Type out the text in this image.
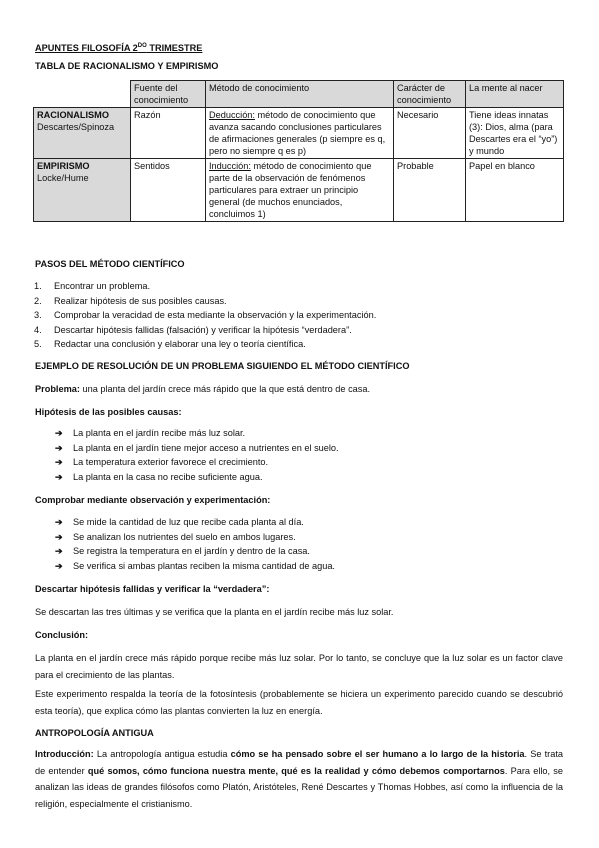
APUNTES FILOSOFÍA $2^{DO}$ TRIMESTRE
TABLA DE RACIONALISMO Y EMPIRISMO
	Fuente del conocimiento	Método de conocimiento	Carácter de conocimiento	La mente al nacer

RACIONALISMO
Descartes/Spinoza	Razón	Deducción: método de conocimiento que avanza sacando conclusiones particulares de afirmaciones generales (p siempre es q, pero no siempre q es p)	Necesario	Tiene ideas innatas (3): Dios, alma (para Descartes era el “yo”) y mundo

EMPIRISMO
Locke/Hume	Sentidos	Inducción: método de conocimiento que parte de la observación de fenómenos particulares para extraer un principio general (de muchos enunciados, concluimos 1)	Probable	Papel en blanco
PASOS DEL MÉTODO CIENTÍFICO
1. Encontrar un problema.
2. Realizar hipótesis de sus posibles causas.
3. Comprobar la veracidad de esta mediante la observación y la experimentación.
4. Descartar hipótesis fallidas (falsación) y verificar la hipótesis “verdadera”.
5. Redactar una conclusión y elaborar una ley o teoría científica.
EJEMPLO DE RESOLUCIÓN DE UN PROBLEMA SIGUIENDO EL MÉTODO CIENTÍFICO
Problema: una planta del jardín crece más rápido que la que está dentro de casa.
Hipótesis de las posibles causas:
➔ La planta en el jardín recibe más luz solar.
➔ La planta en el jardín tiene mejor acceso a nutrientes en el suelo.
➔ La temperatura exterior favorece el crecimiento.
➔ La planta en la casa no recibe suficiente agua.
Comprobar mediante observación y experimentación:
➔ Se mide la cantidad de luz que recibe cada planta al día.
➔ Se analizan los nutrientes del suelo en ambos lugares.
➔ Se registra la temperatura en el jardín y dentro de la casa.
➔ Se verifica si ambas plantas reciben la misma cantidad de agua.
Descartar hipótesis fallidas y verificar la “verdadera”:
Se descartan las tres últimas y se verifica que la planta en el jardín recibe más luz solar.
Conclusión:
La planta en el jardín crece más rápido porque recibe más luz solar. Por lo tanto, se concluye que la luz solar es un factor clave para el crecimiento de las plantas.
Este experimento respalda la teoría de la fotosíntesis (probablemente se hiciera un experimento parecido cuando se descubrió esta teoría), que explica cómo las plantas convierten la luz en energía.
ANTROPOLOGÍA ANTIGUA
Introducción: La antropología antigua estudia cómo se ha pensado sobre el ser humano a lo largo de la historia. Se trata de entender qué somos, cómo funciona nuestra mente, qué es la realidad y cómo debemos comportarnos. Para ello, se analizan las ideas de grandes filósofos como Platón, Aristóteles, René Descartes y Thomas Hobbes, así como la influencia de la religión, especialmente el cristianismo.
